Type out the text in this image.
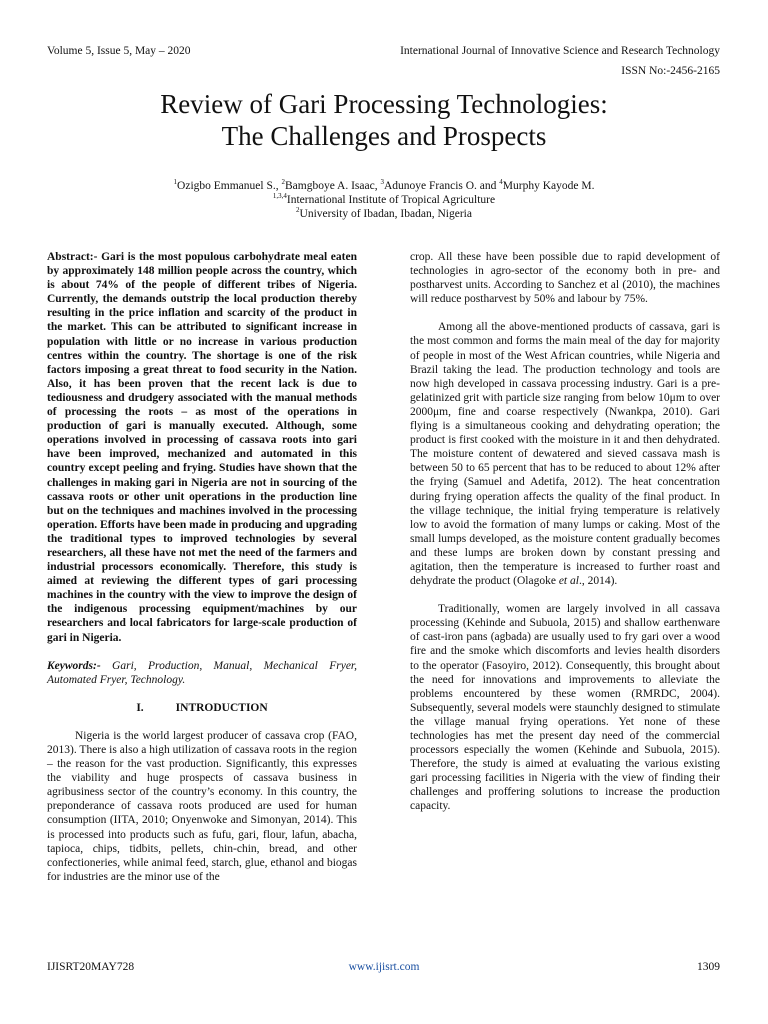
Volume 5, Issue 5, May – 2020	International Journal of Innovative Science and Research Technology
ISSN No:-2456-2165
Review of Gari Processing Technologies:
The Challenges and Prospects
$^1$Ozigbo Emmanuel S., $^2$Bamgboye A. Isaac, $^3$Adunoye Francis O. and $^4$Murphy Kayode M.
$^{1,3,4}$International Institute of Tropical Agriculture
$^2$University of Ibadan, Ibadan, Nigeria

Abstract:- Gari is the most populous carbohydrate meal eaten by approximately 148 million people across the country, which is about 74% of the people of different tribes of Nigeria. Currently, the demands outstrip the local production thereby resulting in the price inflation and scarcity of the product in the market. This can be attributed to significant increase in population with little or no increase in various production centres within the country. The shortage is one of the risk factors imposing a great threat to food security in the Nation. Also, it has been proven that the recent lack is due to tediousness and drudgery associated with the manual methods of processing the roots – as most of the operations in production of gari is manually executed. Although, some operations involved in processing of cassava roots into gari have been improved, mechanized and automated in this country except peeling and frying. Studies have shown that the challenges in making gari in Nigeria are not in sourcing of the cassava roots or other unit operations in the production line but on the techniques and machines involved in the processing operation. Efforts have been made in producing and upgrading the traditional types to improved technologies by several researchers, all these have not met the need of the farmers and industrial processors economically. Therefore, this study is aimed at reviewing the different types of gari processing machines in the country with the view to improve the design of the indigenous processing equipment/machines by our researchers and local fabricators for large-scale production of gari in Nigeria.

Keywords:- Gari, Production, Manual, Mechanical Fryer, Automated Fryer, Technology.

I.	INTRODUCTION

Nigeria is the world largest producer of cassava crop (FAO, 2013). There is also a high utilization of cassava roots in the region – the reason for the vast production. Significantly, this expresses the viability and huge prospects of cassava business in agribusiness sector of the country’s economy. In this country, the preponderance of cassava roots produced are used for human consumption (IITA, 2010; Onyenwoke and Simonyan, 2014). This is processed into products such as fufu, gari, flour, lafun, abacha, tapioca, chips, tidbits, pellets, chin-chin, bread, and other confectioneries, while animal feed, starch, glue, ethanol and biogas for industries are the minor use of the

crop. All these have been possible due to rapid development of technologies in agro-sector of the economy both in pre- and postharvest units. According to Sanchez et al (2010), the machines will reduce postharvest by 50% and labour by 75%.

Among all the above-mentioned products of cassava, gari is the most common and forms the main meal of the day for majority of people in most of the West African countries, while Nigeria and Brazil taking the lead. The production technology and tools are now high developed in cassava processing industry. Gari is a pre-gelatinized grit with particle size ranging from below 10μm to over 2000μm, fine and coarse respectively (Nwankpa, 2010). Gari flying is a simultaneous cooking and dehydrating operation; the product is first cooked with the moisture in it and then dehydrated. The moisture content of dewatered and sieved cassava mash is between 50 to 65 percent that has to be reduced to about 12% after the frying (Samuel and Adetifa, 2012). The heat concentration during frying operation affects the quality of the final product. In the village technique, the initial frying temperature is relatively low to avoid the formation of many lumps or caking. Most of the small lumps developed, as the moisture content gradually becomes and these lumps are broken down by constant pressing and agitation, then the temperature is increased to further roast and dehydrate the product (Olagoke et al., 2014).

Traditionally, women are largely involved in all cassava processing (Kehinde and Subuola, 2015) and shallow earthenware of cast-iron pans (agbada) are usually used to fry gari over a wood fire and the smoke which discomforts and levies health disorders to the operator (Fasoyiro, 2012). Consequently, this brought about the need for innovations and improvements to alleviate the problems encountered by these women (RMRDC, 2004). Subsequently, several models were staunchly designed to stimulate the village manual frying operations. Yet none of these technologies has met the present day need of the commercial processors especially the women (Kehinde and Subuola, 2015). Therefore, the study is aimed at evaluating the various existing gari processing facilities in Nigeria with the view of finding their challenges and proffering solutions to increase the production capacity.

IJISRT20MAY728	www.ijisrt.com	1309
